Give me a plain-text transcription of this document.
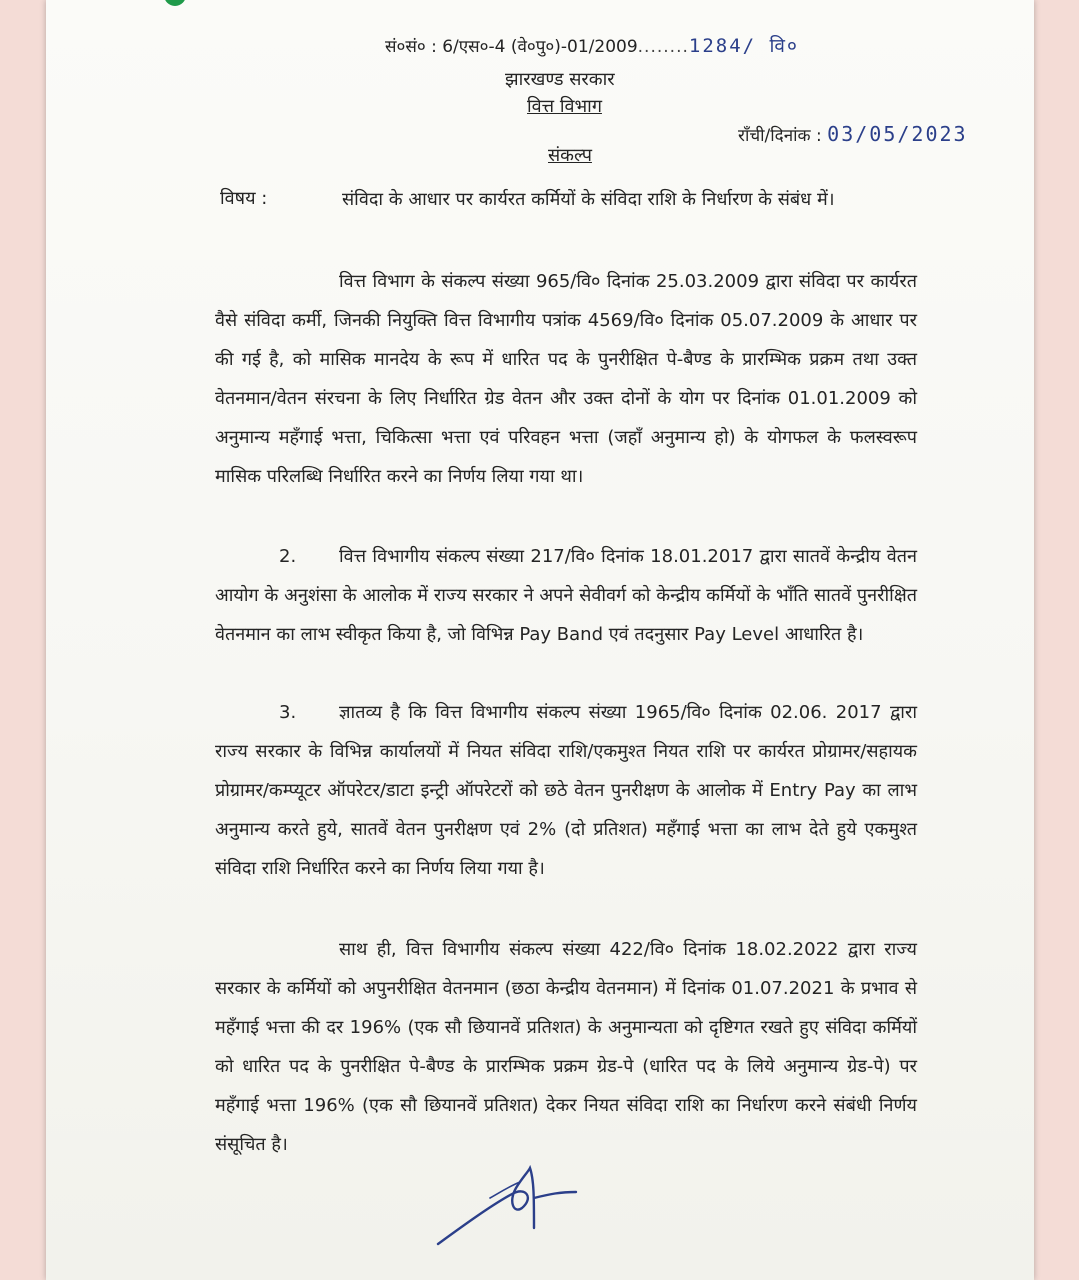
सं०सं० : 6/एस०-4 (वे०पु०)-01/2009........1284/ वि०
झारखण्ड सरकार
वित्त विभाग
राँची/दिनांक : 03/05/2023
संकल्प
विषय :	संविदा के आधार पर कार्यरत कर्मियों के संविदा राशि के निर्धारण के संबंध में।
वित्त विभाग के संकल्प संख्या 965/वि० दिनांक 25.03.2009 द्वारा संविदा पर कार्यरत वैसे संविदा कर्मी, जिनकी नियुक्ति वित्त विभागीय पत्रांक 4569/वि० दिनांक 05.07.2009 के आधार पर की गई है, को मासिक मानदेय के रूप में धारित पद के पुनरीक्षित पे-बैण्ड के प्रारम्भिक प्रक्रम तथा उक्त वेतनमान/वेतन संरचना के लिए निर्धारित ग्रेड वेतन और उक्त दोनों के योग पर दिनांक 01.01.2009 को अनुमान्य महँगाई भत्ता, चिकित्सा भत्ता एवं परिवहन भत्ता (जहाँ अनुमान्य हो) के योगफल के फलस्वरूप मासिक परिलब्धि निर्धारित करने का निर्णय लिया गया था।
2. वित्त विभागीय संकल्प संख्या 217/वि० दिनांक 18.01.2017 द्वारा सातवें केन्द्रीय वेतन आयोग के अनुशंसा के आलोक में राज्य सरकार ने अपने सेवीवर्ग को केन्द्रीय कर्मियों के भाँति सातवें पुनरीक्षित वेतनमान का लाभ स्वीकृत किया है, जो विभिन्न Pay Band एवं तदनुसार Pay Level आधारित है।
3. ज्ञातव्य है कि वित्त विभागीय संकल्प संख्या 1965/वि० दिनांक 02.06. 2017 द्वारा राज्य सरकार के विभिन्न कार्यालयों में नियत संविदा राशि/एकमुश्त नियत राशि पर कार्यरत प्रोग्रामर/सहायक प्रोग्रामर/कम्प्यूटर ऑपरेटर/डाटा इन्ट्री ऑपरेटरों को छठे वेतन पुनरीक्षण के आलोक में Entry Pay का लाभ अनुमान्य करते हुये, सातवें वेतन पुनरीक्षण एवं 2% (दो प्रतिशत) महँगाई भत्ता का लाभ देते हुये एकमुश्त संविदा राशि निर्धारित करने का निर्णय लिया गया है।
साथ ही, वित्त विभागीय संकल्प संख्या 422/वि० दिनांक 18.02.2022 द्वारा राज्य सरकार के कर्मियों को अपुनरीक्षित वेतनमान (छठा केन्द्रीय वेतनमान) में दिनांक 01.07.2021 के प्रभाव से महँगाई भत्ता की दर 196% (एक सौ छियानवें प्रतिशत) के अनुमान्यता को दृष्टिगत रखते हुए संविदा कर्मियों को धारित पद के पुनरीक्षित पे-बैण्ड के प्रारम्भिक प्रक्रम ग्रेड-पे (धारित पद के लिये अनुमान्य ग्रेड-पे) पर महँगाई भत्ता 196% (एक सौ छियानवें प्रतिशत) देकर नियत संविदा राशि का निर्धारण करने संबंधी निर्णय संसूचित है।
